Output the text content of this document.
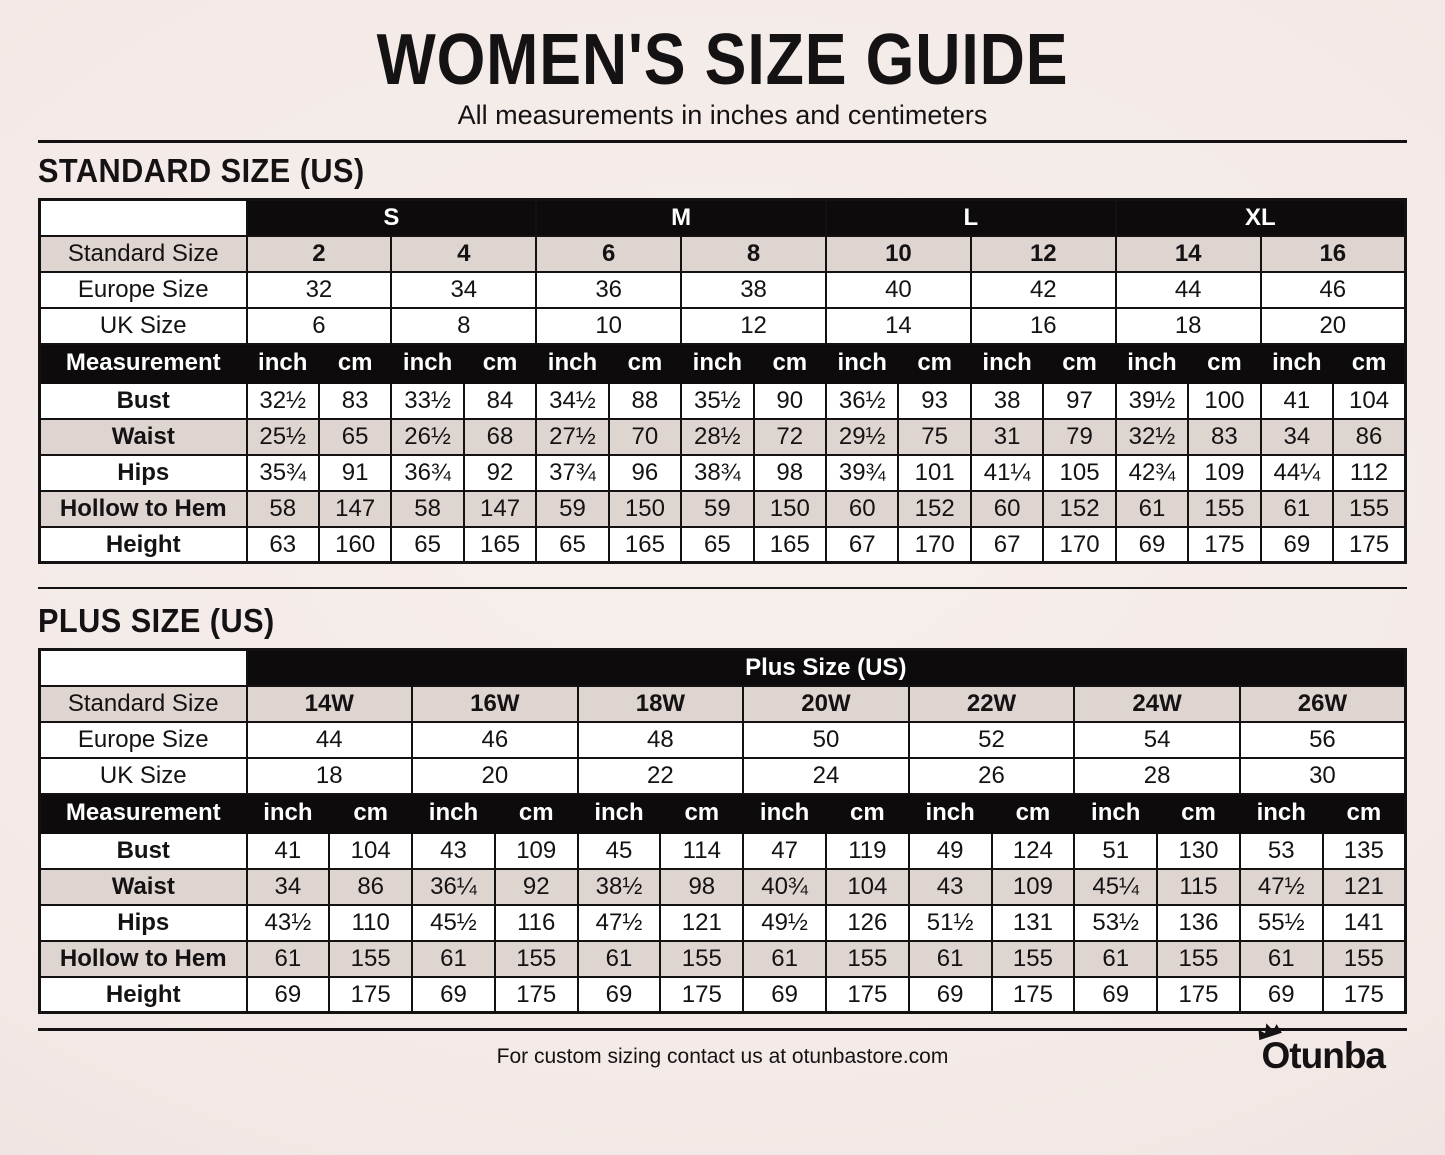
WOMEN'S SIZE GUIDE
All measurements in inches and centimeters
STANDARD SIZE (US)
	S				M				L				XL			
Standard Size	2		4		6		8		10		12		14		16	
Europe Size	32		34		36		38		40		42		44		46	
UK Size	6		8		10		12		14		16		18		20	
Measurement	inch	cm	inch	cm	inch	cm	inch	cm	inch	cm	inch	cm	inch	cm	inch	cm
Bust	32½	83	33½	84	34½	88	35½	90	36½	93	38	97	39½	100	41	104
Waist	25½	65	26½	68	27½	70	28½	72	29½	75	31	79	32½	83	34	86
Hips	35¾	91	36¾	92	37¾	96	38¾	98	39¾	101	41¼	105	42¾	109	44¼	112
Hollow to Hem	58	147	58	147	59	150	59	150	60	152	60	152	61	155	61	155
Height	63	160	65	165	65	165	65	165	67	170	67	170	69	175	69	175
PLUS SIZE (US)
	Plus Size (US)													
Standard Size	14W		16W		18W		20W		22W		24W		26W	
Europe Size	44		46		48		50		52		54		56	
UK Size	18		20		22		24		26		28		30	
Measurement	inch	cm	inch	cm	inch	cm	inch	cm	inch	cm	inch	cm	inch	cm
Bust	41	104	43	109	45	114	47	119	49	124	51	130	53	135
Waist	34	86	36¼	92	38½	98	40¾	104	43	109	45¼	115	47½	121
Hips	43½	110	45½	116	47½	121	49½	126	51½	131	53½	136	55½	141
Hollow to Hem	61	155	61	155	61	155	61	155	61	155	61	155	61	155
Height	69	175	69	175	69	175	69	175	69	175	69	175	69	175
For custom sizing contact us at otunbastore.com	Otunba
